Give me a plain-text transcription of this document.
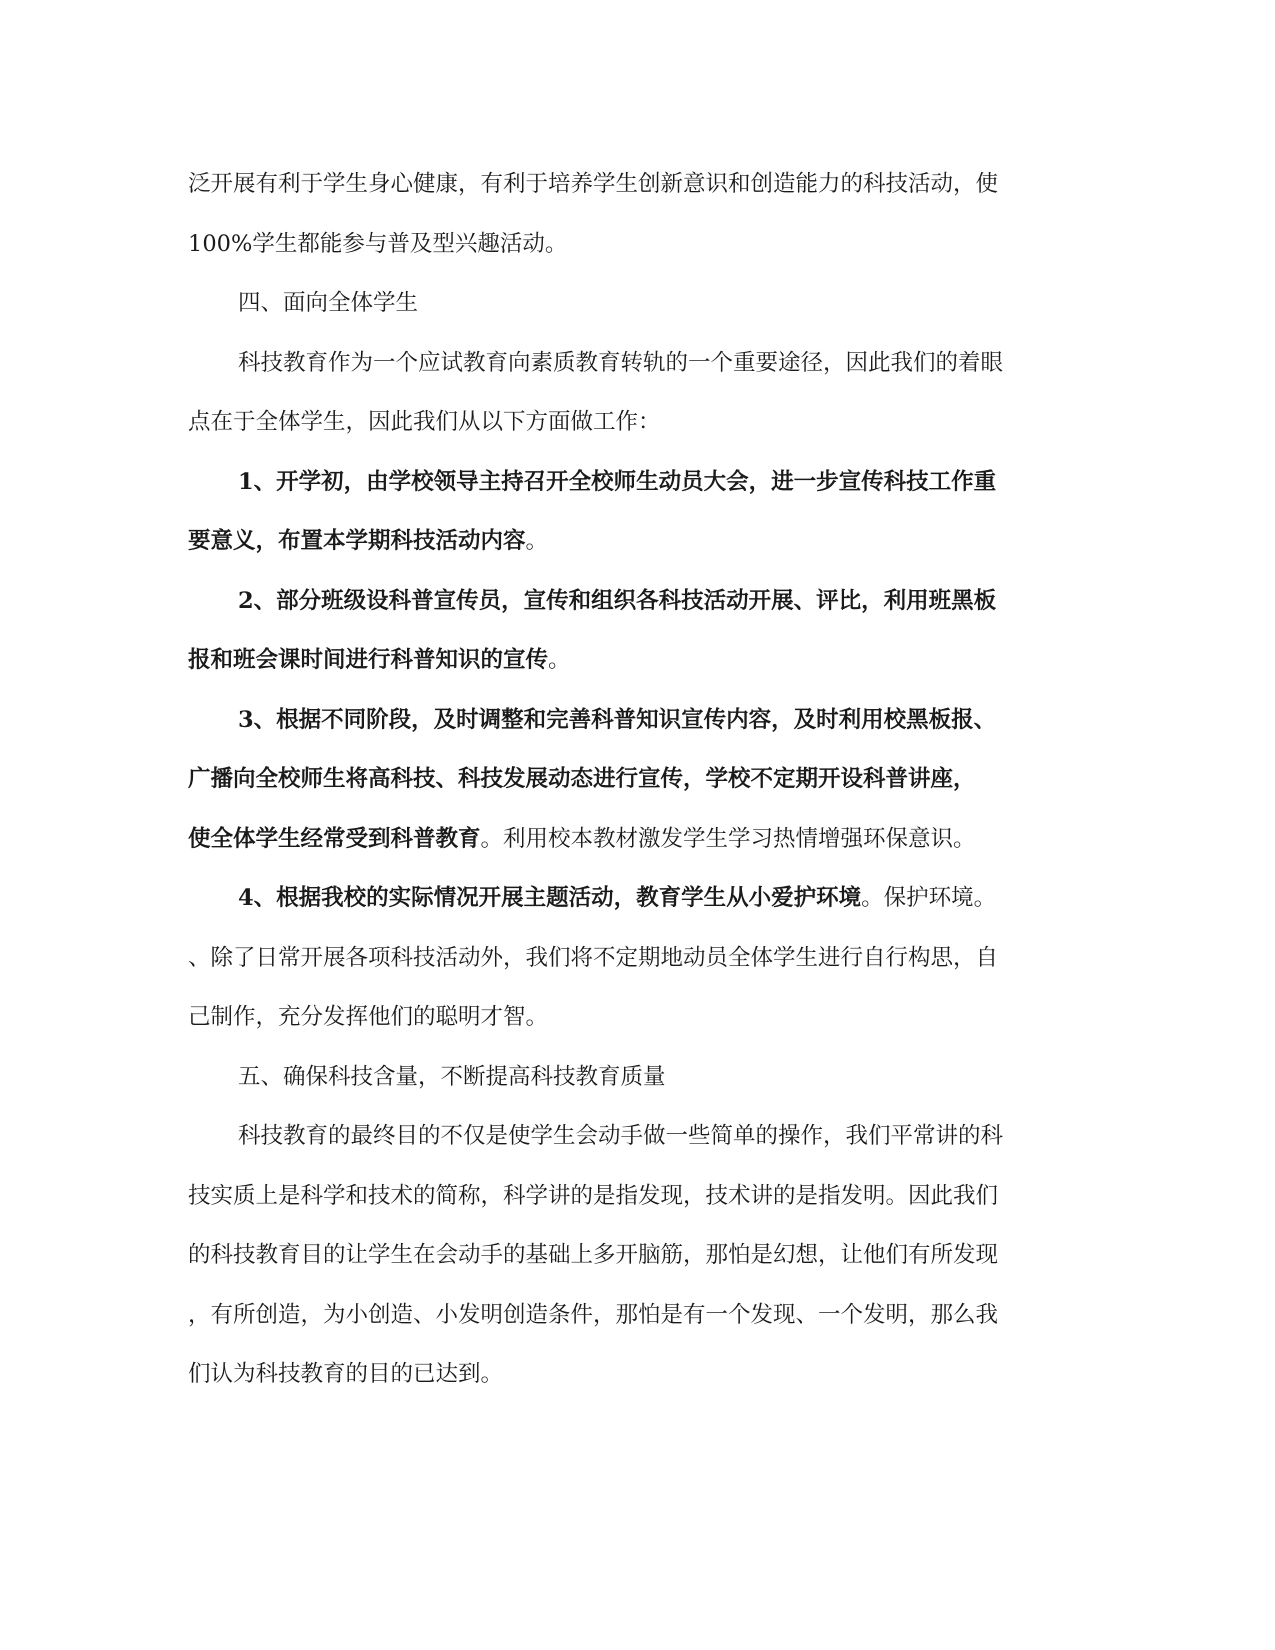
泛开展有利于学生身心健康，有利于培养学生创新意识和创造能力的科技活动，使
100%学生都能参与普及型兴趣活动。
四、面向全体学生
科技教育作为一个应试教育向素质教育转轨的一个重要途径，因此我们的着眼
点在于全体学生，因此我们从以下方面做工作：
1、开学初，由学校领导主持召开全校师生动员大会，进一步宣传科技工作重
要意义，布置本学期科技活动内容。
2、部分班级设科普宣传员，宣传和组织各科技活动开展、评比，利用班黑板
报和班会课时间进行科普知识的宣传。
3、根据不同阶段，及时调整和完善科普知识宣传内容，及时利用校黑板报、
广播向全校师生将高科技、科技发展动态进行宣传，学校不定期开设科普讲座，
使全体学生经常受到科普教育。利用校本教材激发学生学习热情增强环保意识。
4、根据我校的实际情况开展主题活动，教育学生从小爱护环境。保护环境。
、除了日常开展各项科技活动外，我们将不定期地动员全体学生进行自行构思，自
己制作，充分发挥他们的聪明才智。
五、确保科技含量，不断提高科技教育质量
科技教育的最终目的不仅是使学生会动手做一些简单的操作，我们平常讲的科
技实质上是科学和技术的简称，科学讲的是指发现，技术讲的是指发明。因此我们
的科技教育目的让学生在会动手的基础上多开脑筋，那怕是幻想，让他们有所发现
，有所创造，为小创造、小发明创造条件，那怕是有一个发现、一个发明，那么我
们认为科技教育的目的已达到。
